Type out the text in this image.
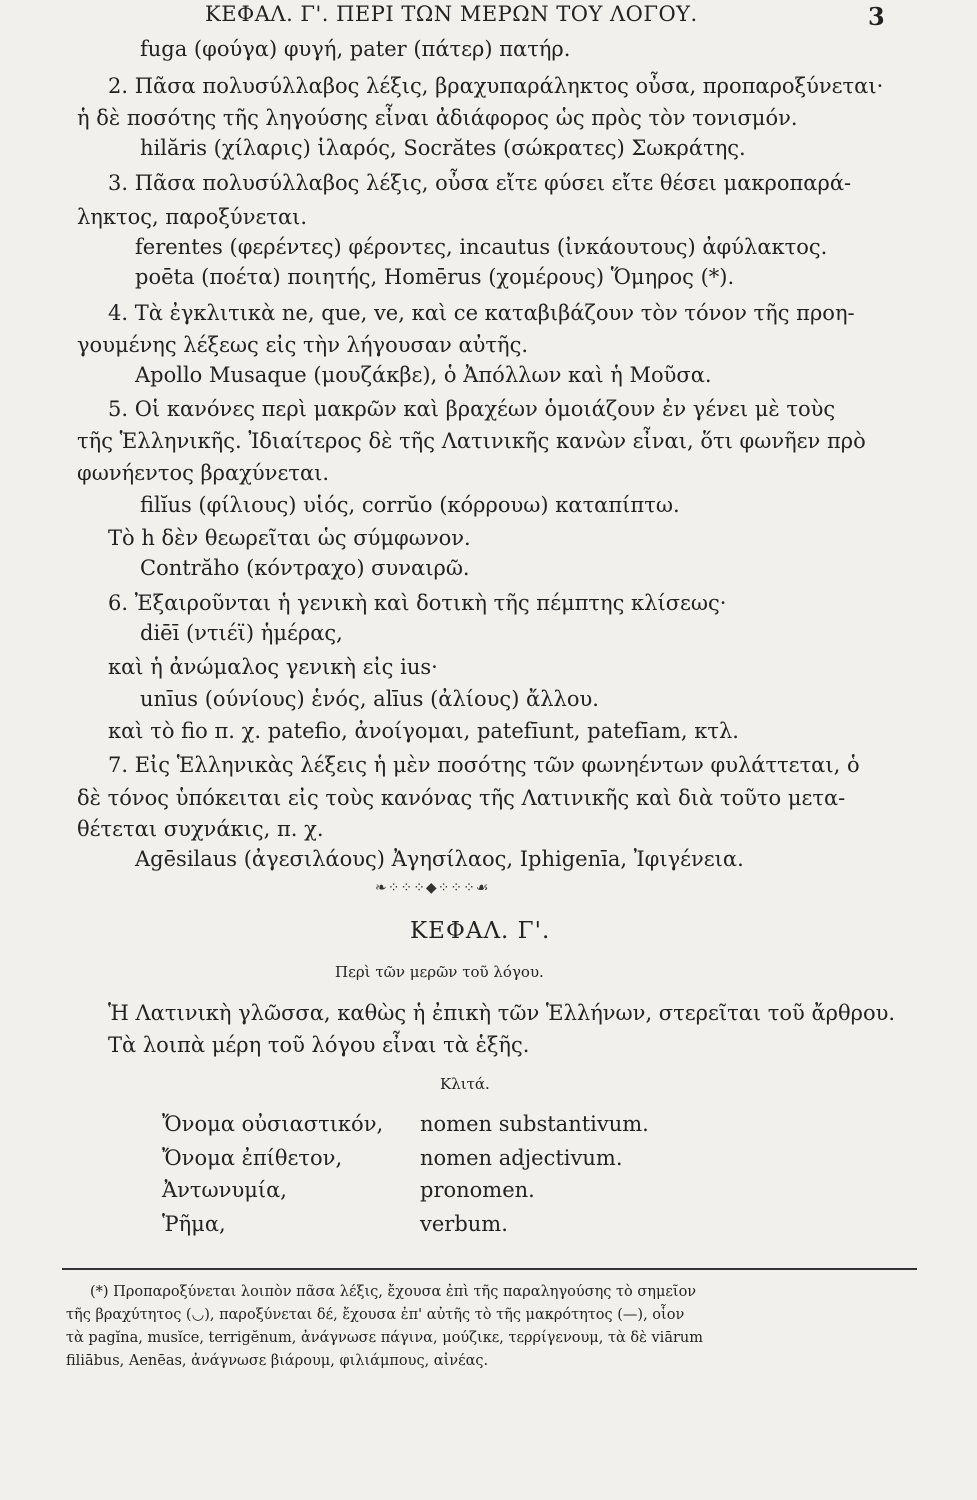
ΚΕΦΑΛ. Γ'. ΠΕΡΙ ΤΩΝ ΜΕΡΩΝ ΤΟΥ ΛΟΓΟΥ.	3
fuga (φούγα) φυγή, pater (πάτερ) πατήρ.
2. Πᾶσα πολυσύλλαβος λέξις, βραχυπαράληκτος οὖσα, προπαροξύνεται·
ἡ δὲ ποσότης τῆς ληγούσης εἶναι ἀδιάφορος ὡς πρὸς τὸν τονισμόν.
hilăris (χίλαρις) ἱλαρός, Socrătes (σώκρατες) Σωκράτης.
3. Πᾶσα πολυσύλλαβος λέξις, οὖσα εἴτε φύσει εἴτε θέσει μακροπαρά-
ληκτος, παροξύνεται.
ferentes (φερέντες) φέροντες, incautus (ἰνκάουτους) ἀφύλακτος.
poēta (ποέτα) ποιητής, Homērus (χομέρους) Ὅμηρος (*).
4. Τὰ ἐγκλιτικὰ ne, que, ve, καὶ ce καταβιβάζουν τὸν τόνον τῆς προη-
γουμένης λέξεως εἰς τὴν λήγουσαν αὐτῆς.
Apollo Musaque (μουζάκβε), ὁ Ἀπόλλων καὶ ἡ Μοῦσα.
5. Οἱ κανόνες περὶ μακρῶν καὶ βραχέων ὁμοιάζουν ἐν γένει μὲ τοὺς
τῆς Ἑλληνικῆς. Ἰδιαίτερος δὲ τῆς Λατινικῆς κανὼν εἶναι, ὅτι φωνῆεν πρὸ
φωνήεντος βραχύνεται.
filĭus (φίλιους) υἱός, corrŭo (κόρρουω) καταπίπτω.
Τὸ h δὲν θεωρεῖται ὡς σύμφωνον.
Contrăho (κόντραχο) συναιρῶ.
6. Ἐξαιροῦνται ἡ γενικὴ καὶ δοτικὴ τῆς πέμπτης κλίσεως·
diēī (ντιέϊ) ἡμέρας,
καὶ ἡ ἀνώμαλος γενικὴ εἰς ius·
unīus (ούνίους) ἑνός, alīus (ἀλίους) ἄλλου.
καὶ τὸ fio π. χ. patefio, ἀνοίγομαι, patefīunt, patefīam, κτλ.
7. Εἰς Ἑλληνικὰς λέξεις ἡ μὲν ποσότης τῶν φωνηέντων φυλάττεται, ὁ
δὲ τόνος ὑπόκειται εἰς τοὺς κανόνας τῆς Λατινικῆς καὶ διὰ τοῦτο μετα-
θέτεται συχνάκις, π. χ.
Agēsilaus (ἀγεσιλάους) Ἀγησίλαος, Iphigenīa, Ἰφιγένεια.
❧⁘⁘⁘◆⁘⁘⁘☙
ΚΕΦΑΛ. Γ'.
Περὶ τῶν μερῶν τοῦ λόγου.
Ἡ Λατινικὴ γλῶσσα, καθὼς ἡ ἐπικὴ τῶν Ἑλλήνων, στερεῖται τοῦ ἄρθρου.
Τὰ λοιπὰ μέρη τοῦ λόγου εἶναι τὰ ἑξῆς.
Κλιτά.
Ὄνομα οὐσιαστικόν, nomen substantivum.
Ὄνομα ἐπίθετον,	nomen adjectivum.
Ἀντωνυμία,	pronomen.
Ῥῆμα,	verbum.
(*) Προπαροξύνεται λοιπὸν πᾶσα λέξις, ἔχουσα ἐπὶ τῆς παραληγούσης τὸ σημεῖον
τῆς βραχύτητος (◡), παροξύνεται δέ, ἔχουσα ἐπ' αὐτῆς τὸ τῆς μακρότητος (—), οἷον
τὰ pagĭna, musĭce, terrigĕnum, ἀνάγνωσε πάγινα, μούζικε, τερρίγενουμ, τὰ δὲ viārum
filiābus, Aenēas, ἀνάγνωσε βιάρουμ, φιλιάμπους, αἰνέας.
